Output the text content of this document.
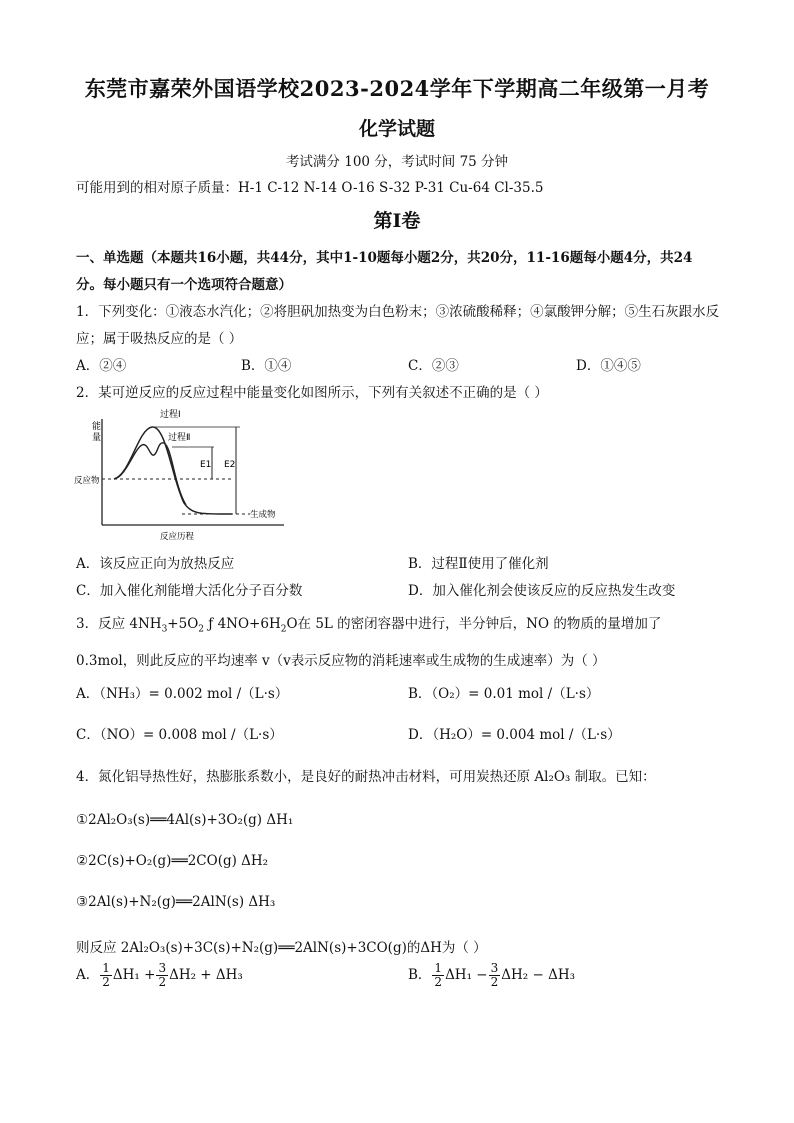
东莞市嘉荣外国语学校2023-2024学年下学期高二年级第一月考
化学试题
考试满分 100 分，考试时间 75 分钟
可能用到的相对原子质量：H-1 C-12 N-14 O-16 S-32 P-31 Cu-64 Cl-35.5
第Ⅰ卷
一、单选题（本题共16小题，共44分，其中1-10题每小题2分，共20分，11-16题每小题4分，共24
分。每小题只有一个选项符合题意）
1．下列变化：①液态水汽化；②将胆矾加热变为白色粉末；③浓硫酸稀释；④氯酸钾分解；⑤生石灰跟水反
应；属于吸热反应的是（ ）
A．②④	B．①④	C．②③	D．①④⑤
2．某可逆反应的反应过程中能量变化如图所示，下列有关叙述不正确的是（ ）
能
量
E1 E2
过程Ⅰ
过程Ⅱ
反应物
生成物
反应历程
A．该反应正向为放热反应	B．过程Ⅱ使用了催化剂
C．加入催化剂能增大活化分子百分数	D．加入催化剂会使该反应的反应热发生改变
3．反应 $4NH_3+5O_2$ ƒ $4NO+6H_2O$在 5L 的密闭容器中进行，半分钟后，NO 的物质的量增加了
0.3mol，则此反应的平均速率 v（v表示反应物的消耗速率或生成物的生成速率）为（ ）
A．（NH₃）= 0.002 mol /（L·s）	B．（O₂）= 0.01 mol /（L·s）
C．（NO）= 0.008 mol /（L·s）	D．（H₂O）= 0.004 mol /（L·s）
4．氮化铝导热性好，热膨胀系数小，是良好的耐热冲击材料，可用炭热还原 Al₂O₃ 制取。已知：
①2Al₂O₃(s)══4Al(s)+3O₂(g) ΔH₁
②2C(s)+O₂(g)══2CO(g) ΔH₂
③2Al(s)+N₂(g)══2AlN(s) ΔH₃
则反应 2Al₂O₃(s)+3C(s)+N₂(g)══2AlN(s)+3CO(g)的ΔH为（ ）
A． $\frac{1}{2} \Delta H_1 + \frac{3}{2} \Delta H_2 + \Delta H_3$	B． $\frac{1}{2} \Delta H_1 - \frac{3}{2} \Delta H_2 - \Delta H_3$
